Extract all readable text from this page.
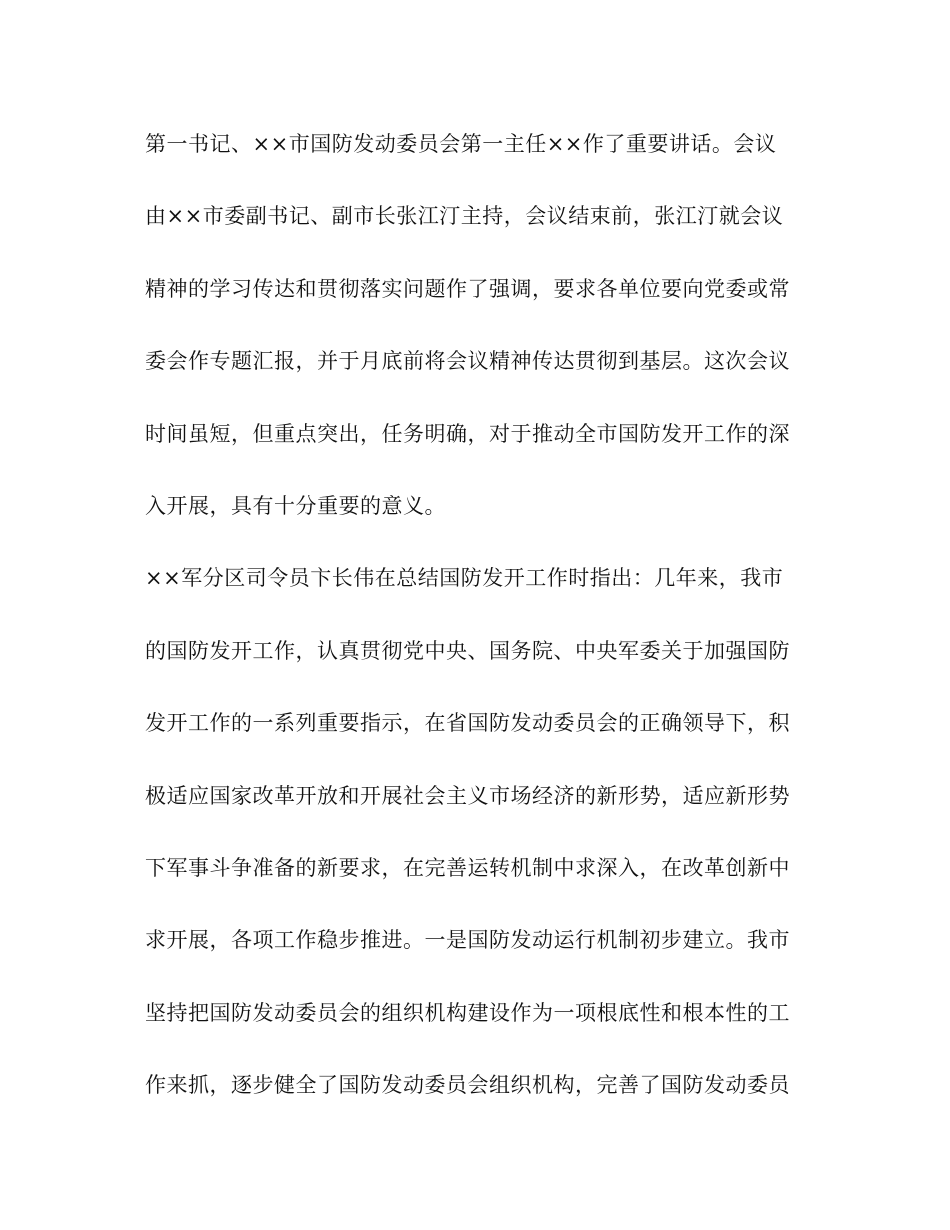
第一书记、××市国防发动委员会第一主任××作了重要讲话。会议
由××市委副书记、副市长张江汀主持，会议结束前，张江汀就会议
精神的学习传达和贯彻落实问题作了强调，要求各单位要向党委或常
委会作专题汇报，并于月底前将会议精神传达贯彻到基层。这次会议
时间虽短，但重点突出，任务明确，对于推动全市国防发开工作的深
入开展，具有十分重要的意义。
××军分区司令员卞长伟在总结国防发开工作时指出：几年来，我市
的国防发开工作，认真贯彻党中央、国务院、中央军委关于加强国防
发开工作的一系列重要指示，在省国防发动委员会的正确领导下，积
极适应国家改革开放和开展社会主义市场经济的新形势，适应新形势
下军事斗争准备的新要求，在完善运转机制中求深入，在改革创新中
求开展，各项工作稳步推进。一是国防发动运行机制初步建立。我市
坚持把国防发动委员会的组织机构建设作为一项根底性和根本性的工
作来抓，逐步健全了国防发动委员会组织机构，完善了国防发动委员
